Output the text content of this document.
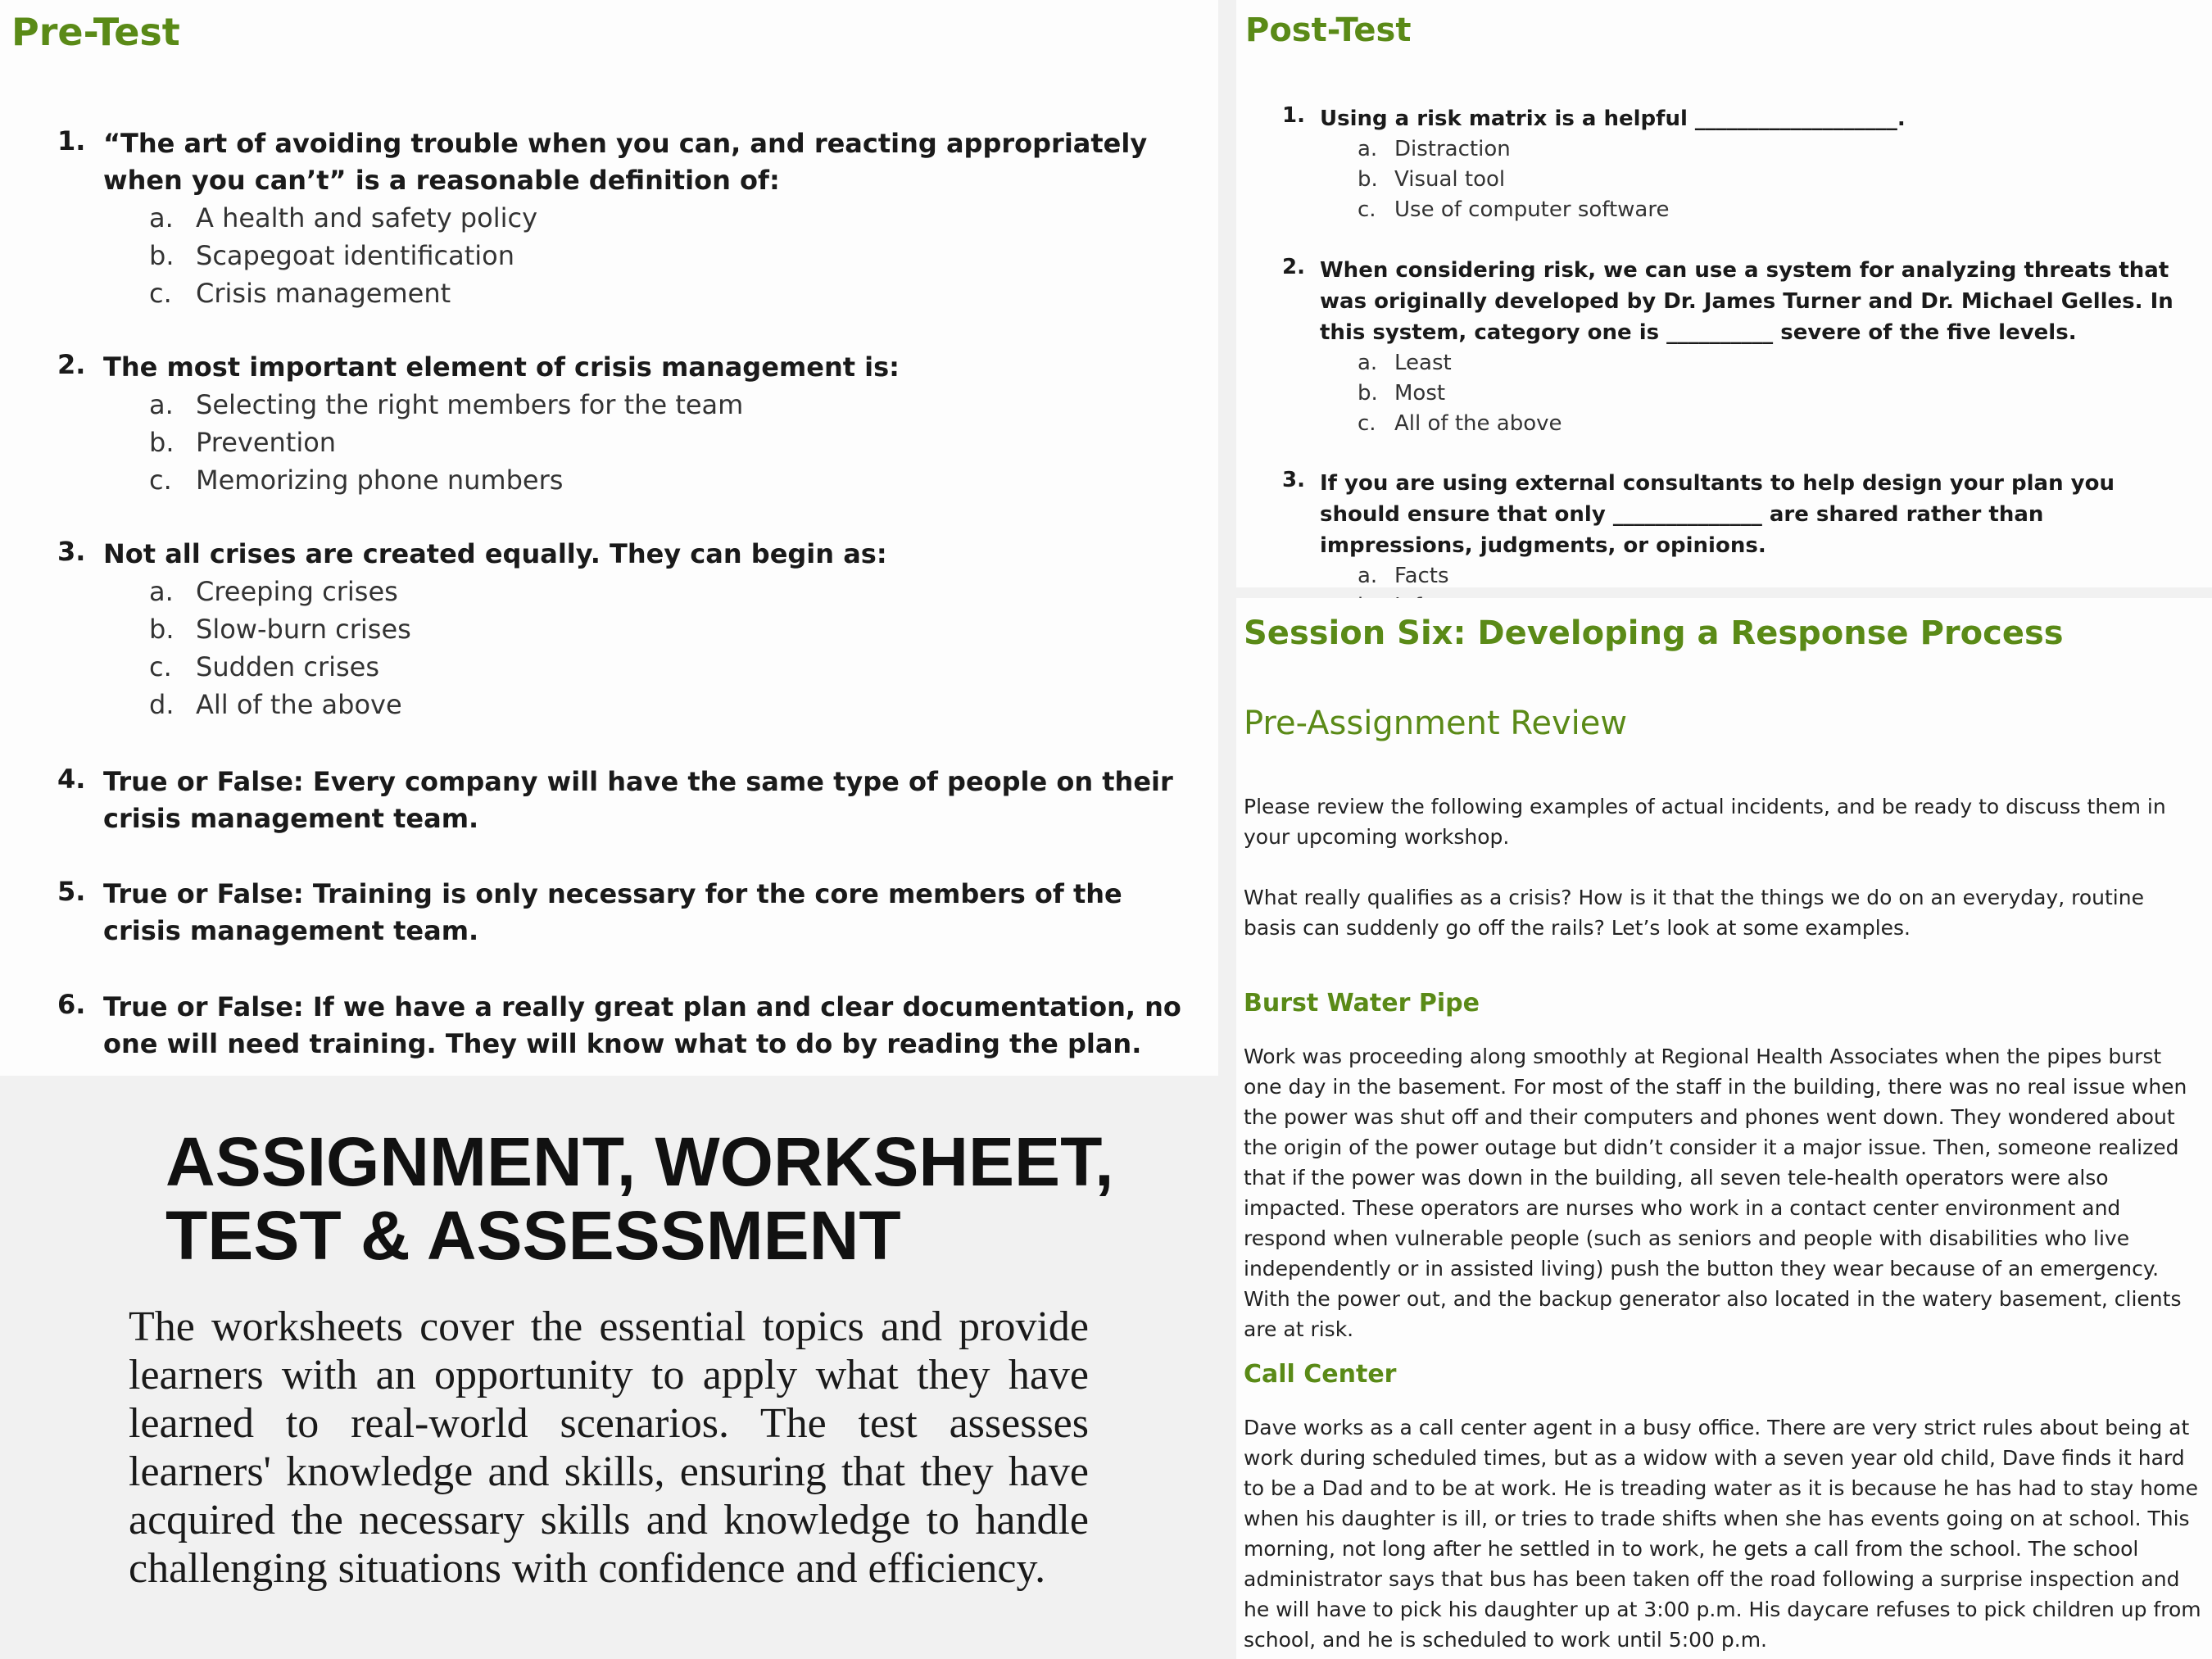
Pre-Test
1. “The art of avoiding trouble when you can, and reacting appropriately when you can’t” is a reasonable definition of:
a. A health and safety policy
b. Scapegoat identification
c. Crisis management
2. The most important element of crisis management is:
a. Selecting the right members for the team
b. Prevention
c. Memorizing phone numbers
3. Not all crises are created equally. They can begin as:
a. Creeping crises
b. Slow-burn crises
c. Sudden crises
d. All of the above
4. True or False: Every company will have the same type of people on their crisis management team.
5. True or False: Training is only necessary for the core members of the crisis management team.
6. True or False: If we have a really great plan and clear documentation, no one will need training. They will know what to do by reading the plan.
Post-Test
1. Using a risk matrix is a helpful ___________________.
a. Distraction
b. Visual tool
c. Use of computer software
2. When considering risk, we can use a system for analyzing threats that was originally developed by Dr. James Turner and Dr. Michael Gelles. In this system, category one is __________ severe of the five levels.
a. Least
b. Most
c. All of the above
3. If you are using external consultants to help design your plan you should ensure that only ______________ are shared rather than impressions, judgments, or opinions.
a. Facts
Session Six: Developing a Response Process
Pre-Assignment Review

Please review the following examples of actual incidents, and be ready to discuss them in your upcoming workshop.

What really qualifies as a crisis? How is it that the things we do on an everyday, routine basis can suddenly go off the rails? Let’s look at some examples.

Burst Water Pipe

Work was proceeding along smoothly at Regional Health Associates when the pipes burst one day in the basement. For most of the staff in the building, there was no real issue when the power was shut off and their computers and phones went down. They wondered about the origin of the power outage but didn’t consider it a major issue. Then, someone realized that if the power was down in the building, all seven tele-health operators were also impacted. These operators are nurses who work in a contact center environment and respond when vulnerable people (such as seniors and people with disabilities who live independently or in assisted living) push the button they wear because of an emergency. With the power out, and the backup generator also located in the watery basement, clients are at risk.

Call Center

Dave works as a call center agent in a busy office. There are very strict rules about being at work during scheduled times, but as a widow with a seven year old child, Dave finds it hard to be a Dad and to be at work. He is treading water as it is because he has had to stay home when his daughter is ill, or tries to trade shifts when she has events going on at school. This morning, not long after he settled in to work, he gets a call from the school. The school administrator says that bus has been taken off the road following a surprise inspection and he will have to pick his daughter up at 3:00 p.m. His daycare refuses to pick children up from school, and he is scheduled to work until 5:00 p.m.

ASSIGNMENT, WORKSHEET,
TEST & ASSESSMENT

The worksheets cover the essential topics and provide learners with an opportunity to apply what they have learned to real-world scenarios. The test assesses learners' knowledge and skills, ensuring that they have acquired the necessary skills and knowledge to handle challenging situations with confidence and efficiency.
